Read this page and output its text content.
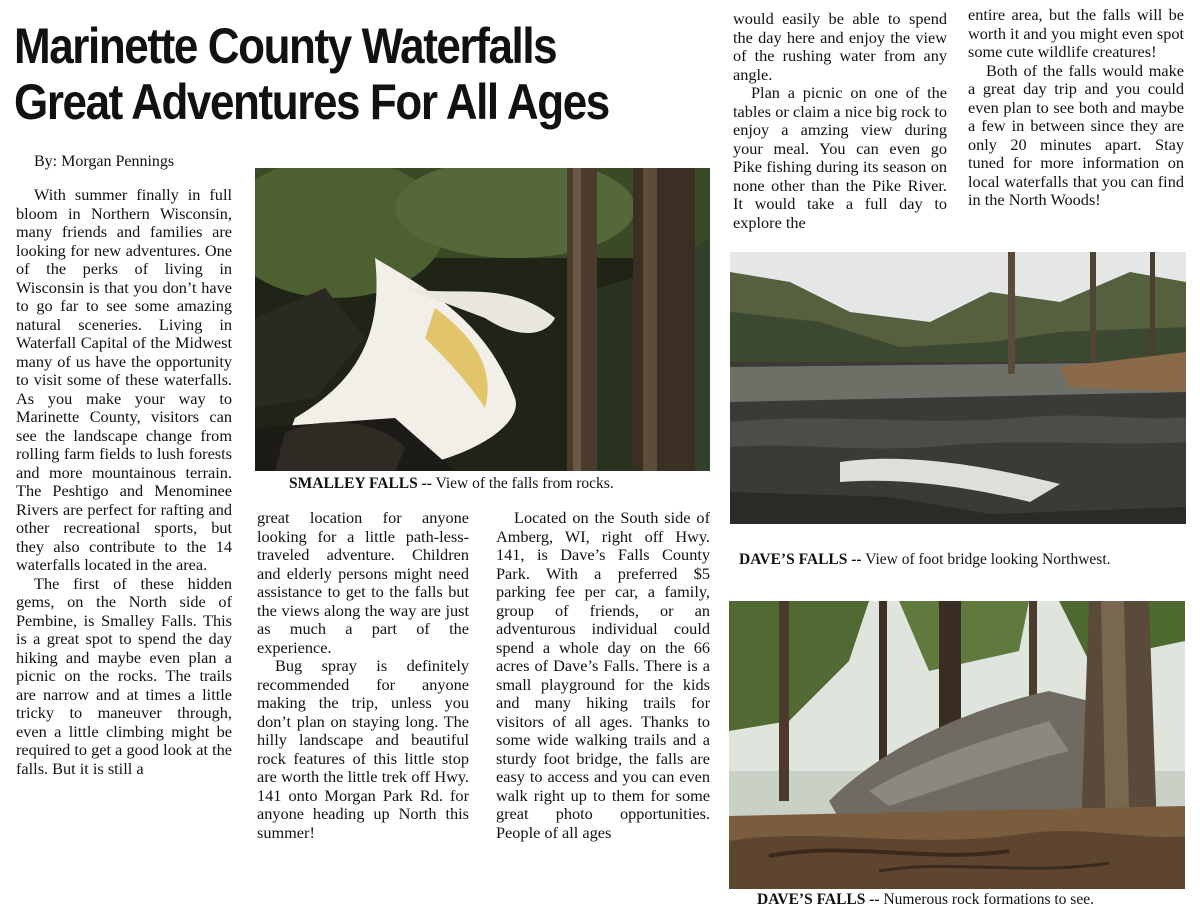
Marinette County Waterfalls
Great Adventures For All Ages
By: Morgan Pennings

With summer finally in full bloom in Northern Wisconsin, many friends and families are looking for new adventures. One of the perks of living in Wisconsin is that you don’t have to go far to see some amazing natural sceneries. Living in Waterfall Capital of the Midwest many of us have the opportunity to visit some of these waterfalls. As you make your way to Marinette County, visitors can see the landscape change from rolling farm fields to lush forests and more mountainous terrain. The Peshtigo and Menominee Rivers are perfect for rafting and other recreational sports, but they also contribute to the 14 waterfalls located in the area.

The first of these hidden gems, on the North side of Pembine, is Smalley Falls. This is a great spot to spend the day hiking and maybe even plan a picnic on the rocks. The trails are narrow and at times a little tricky to maneuver through, even a little climbing might be required to get a good look at the falls. But it is still a

SMALLEY FALLS -- View of the falls from rocks.

great location for anyone looking for a little path-less-traveled adventure. Children and elderly persons might need assistance to get to the falls but the views along the way are just as much a part of the experience.

Bug spray is definitely recommended for anyone making the trip, unless you don’t plan on staying long. The hilly landscape and beautiful rock features of this little stop are worth the little trek off Hwy. 141 onto Morgan Park Rd. for anyone heading up North this summer!

Located on the South side of Amberg, WI, right off Hwy. 141, is Dave’s Falls County Park. With a preferred $5 parking fee per car, a family, group of friends, or an adventurous individual could spend a whole day on the 66 acres of Dave’s Falls. There is a small playground for the kids and many hiking trails for visitors of all ages. Thanks to some wide walking trails and a sturdy foot bridge, the falls are easy to access and you can even walk right up to them for some great photo opportunities. People of all ages

would easily be able to spend the day here and enjoy the view of the rushing water from any angle.

Plan a picnic on one of the tables or claim a nice big rock to enjoy a amzing view during your meal. You can even go Pike fishing during its season on none other than the Pike River. It would take a full day to explore the

entire area, but the falls will be worth it and you might even spot some cute wildlife creatures!

Both of the falls would make a great day trip and you could even plan to see both and maybe a few in between since they are only 20 minutes apart. Stay tuned for more information on local waterfalls that you can find in the North Woods!

DAVE’S FALLS -- View of foot bridge looking Northwest.
DAVE’S FALLS -- Numerous rock formations to see.
